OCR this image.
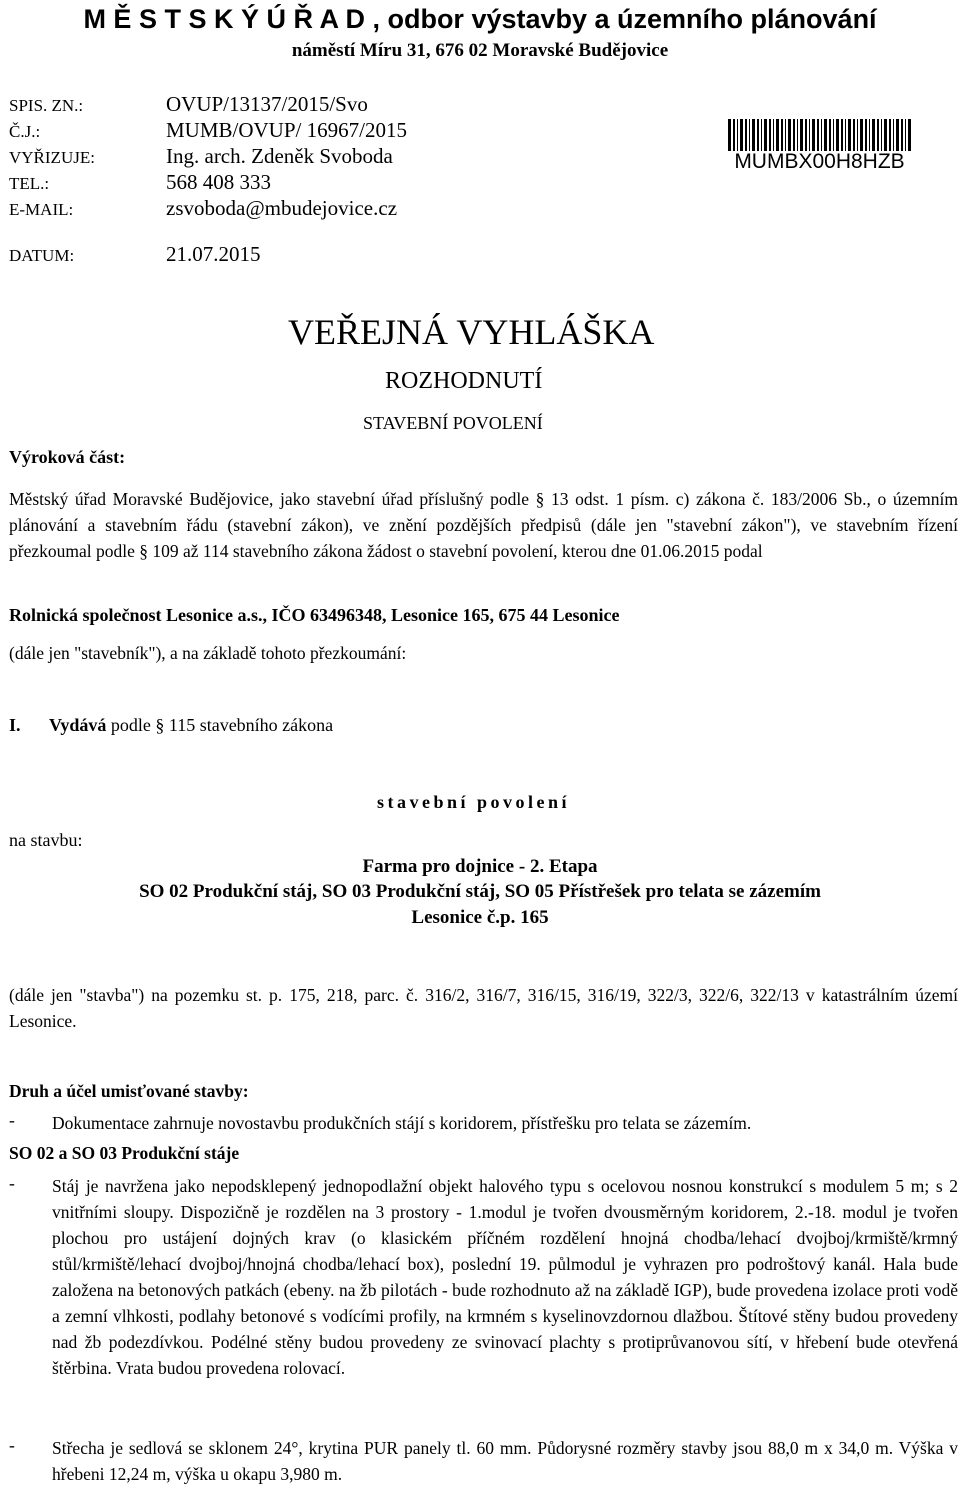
M Ě S T S K Ý Ú Ř A D , odbor výstavby a územního plánování
náměstí Míru 31, 676 02 Moravské Budějovice
SPIS. ZN.:	OVUP/13137/2015/Svo
Č.J.:	MUMB/OVUP/ 16967/2015
VYŘIZUJE:	Ing. arch. Zdeněk Svoboda
TEL.:	568 408 333
E-MAIL:	zsvoboda@mbudejovice.cz
DATUM:	21.07.2015
MUMBX00H8HZB
VEŘEJNÁ VYHLÁŠKA
ROZHODNUTÍ
STAVEBNÍ POVOLENÍ
Výroková část:
Městský úřad Moravské Budějovice, jako stavební úřad příslušný podle § 13 odst. 1 písm. c) zákona č. 183/2006 Sb., o územním plánování a stavebním řádu (stavební zákon), ve znění pozdějších předpisů (dále jen "stavební zákon"), ve stavebním řízení přezkoumal podle § 109 až 114 stavebního zákona žádost o stavební povolení, kterou dne 01.06.2015 podal
Rolnická společnost Lesonice a.s., IČO 63496348, Lesonice 165, 675 44 Lesonice
(dále jen "stavebník"), a na základě tohoto přezkoumání:
I. Vydává podle § 115 stavebního zákona
stavební povolení
na stavbu:
Farma pro dojnice - 2. Etapa
SO 02 Produkční stáj, SO 03 Produkční stáj, SO 05 Přístřešek pro telata se zázemím
Lesonice č.p. 165
(dále jen "stavba") na pozemku st. p. 175, 218, parc. č. 316/2, 316/7, 316/15, 316/19, 322/3, 322/6, 322/13 v katastrálním území Lesonice.
Druh a účel umisťované stavby:
- Dokumentace zahrnuje novostavbu produkčních stájí s koridorem, přístřešku pro telata se zázemím.
SO 02 a SO 03 Produkční stáje
- Stáj je navržena jako nepodsklepený jednopodlažní objekt halového typu s ocelovou nosnou konstrukcí s modulem 5 m; s 2 vnitřními sloupy. Dispozičně je rozdělen na 3 prostory - 1.modul je tvořen dvousměrným koridorem, 2.-18. modul je tvořen plochou pro ustájení dojných krav (o klasickém příčném rozdělení hnojná chodba/lehací dvojboj/krmiště/krmný stůl/krmiště/lehací dvojboj/hnojná chodba/lehací box), poslední 19. půlmodul je vyhrazen pro podroštový kanál. Hala bude založena na betonových patkách (ebeny. na žb pilotách - bude rozhodnuto až na základě IGP), bude provedena izolace proti vodě a zemní vlhkosti, podlahy betonové s vodícími profily, na krmném s kyselinovzdornou dlažbou. Štítové stěny budou provedeny nad žb podezdívkou. Podélné stěny budou provedeny ze svinovací plachty s protiprůvanovou sítí, v hřebení bude otevřená štěrbina. Vrata budou provedena rolovací.
- Střecha je sedlová se sklonem 24°, krytina PUR panely tl. 60 mm. Půdorysné rozměry stavby jsou 88,0 m x 34,0 m. Výška v hřebeni 12,24 m, výška u okapu 3,980 m.
